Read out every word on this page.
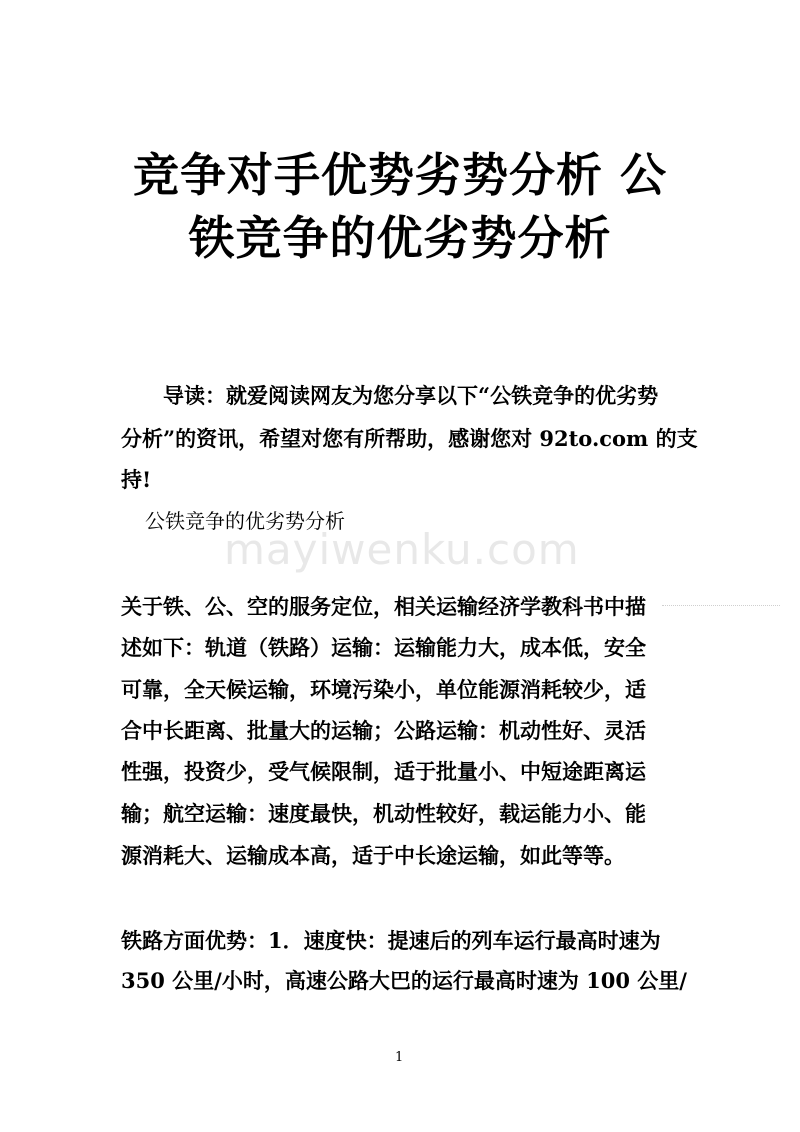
竞争对手优势劣势分析 公
铁竞争的优劣势分析
导读：就爱阅读网友为您分享以下“公铁竞争的优劣势
分析”的资讯，希望对您有所帮助，感谢您对 92to.com 的支
持!
公铁竞争的优劣势分析
mayiwenku.com
关于铁、公、空的服务定位，相关运输经济学教科书中描
述如下：轨道（铁路）运输：运输能力大，成本低，安全
可靠，全天候运输，环境污染小，单位能源消耗较少，适
合中长距离、批量大的运输；公路运输：机动性好、灵活
性强，投资少，受气候限制，适于批量小、中短途距离运
输；航空运输：速度最快，机动性较好，载运能力小、能
源消耗大、运输成本高，适于中长途运输，如此等等。
铁路方面优势：1．速度快：提速后的列车运行最高时速为
350 公里/小时，高速公路大巴的运行最高时速为 100 公里/
1
